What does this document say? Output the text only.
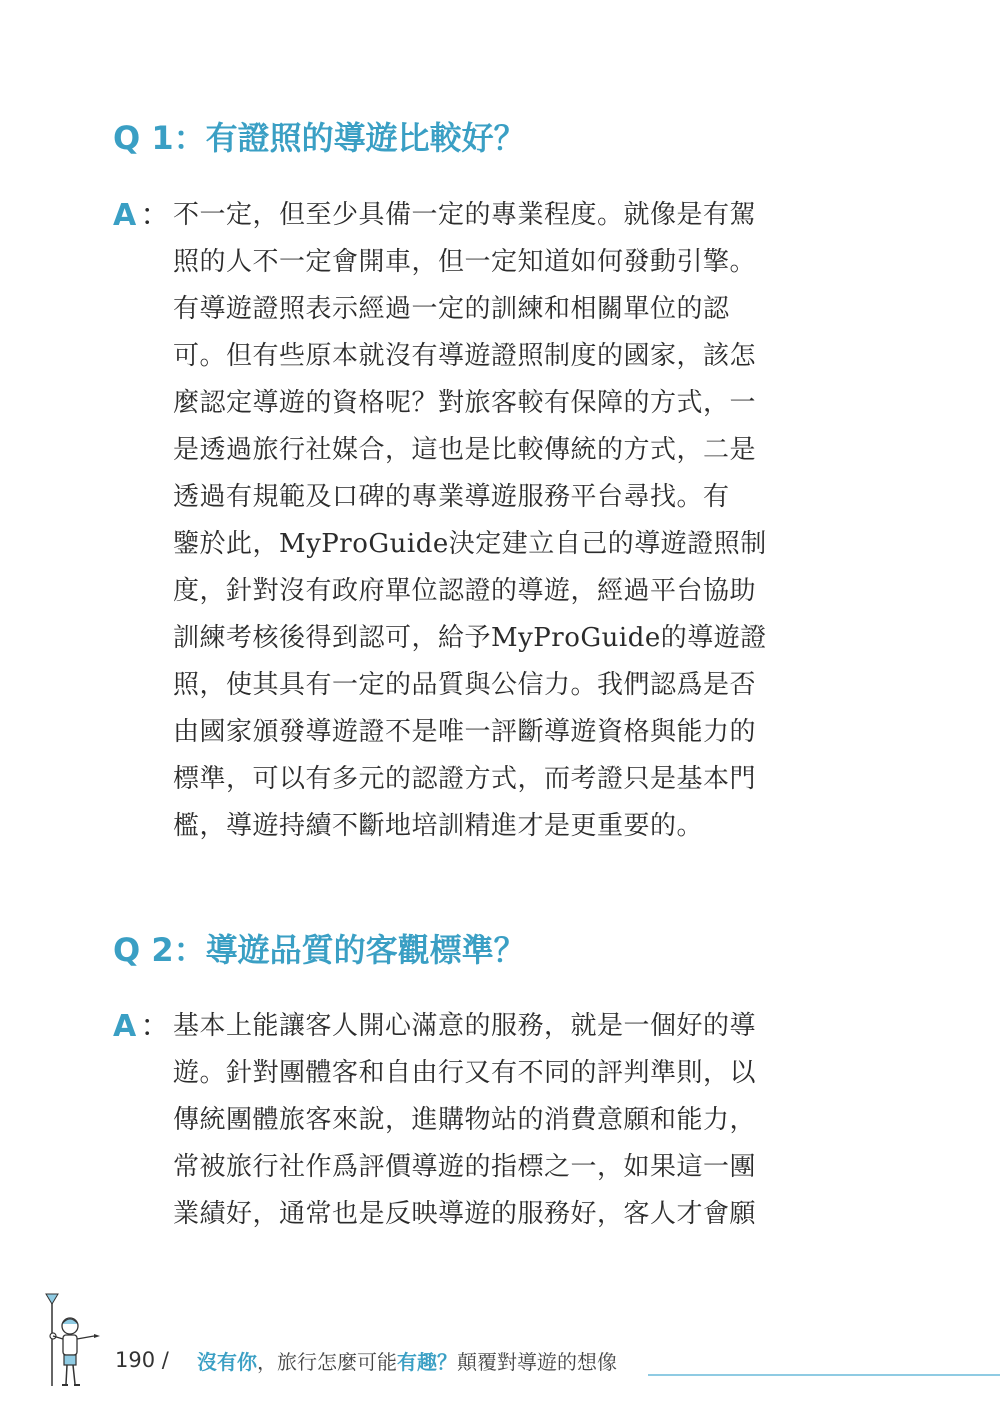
Q 1：有證照的導遊比較好？
A ： 不一定，但至少具備一定的專業程度。就像是有駕
照的人不一定會開車，但一定知道如何發動引擎。
有導遊證照表示經過一定的訓練和相關單位的認
可。但有些原本就沒有導遊證照制度的國家，該怎
麼認定導遊的資格呢？對旅客較有保障的方式，一
是透過旅行社媒合，這也是比較傳統的方式，二是
透過有規範及口碑的專業導遊服務平台尋找。有
鑒於此，MyProGuide決定建立自己的導遊證照制
度，針對沒有政府單位認證的導遊，經過平台協助
訓練考核後得到認可，給予MyProGuide的導遊證
照，使其具有一定的品質與公信力。我們認爲是否
由國家頒發導遊證不是唯一評斷導遊資格與能力的
標準，可以有多元的認證方式，而考證只是基本門
檻，導遊持續不斷地培訓精進才是更重要的。
Q 2：導遊品質的客觀標準？
A ： 基本上能讓客人開心滿意的服務，就是一個好的導
遊。針對團體客和自由行又有不同的評判準則，以
傳統團體旅客來說，進購物站的消費意願和能力，
常被旅行社作爲評價導遊的指標之一，如果這一團
業績好，通常也是反映導遊的服務好，客人才會願
190 / 沒有你，旅行怎麼可能有趣？顛覆對導遊的想像
